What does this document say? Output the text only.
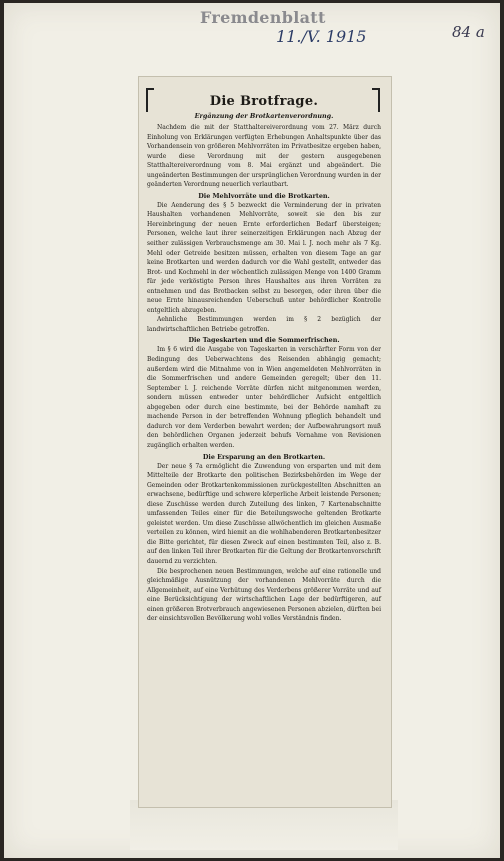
Fremdenblatt
11./V. 1915	84 a
Die Brotfrage.
Ergänzung der Brotkartenverordnung.

Nachdem die mit der Statthaltereiverordnung vom 27. März durch Einholung von Erklärungen verfügten Erhebungen Anhaltspunkte über das Vorhandensein von größeren Mehlvorräten im Privatbesitze ergeben haben, wurde diese Verordnung mit der gestern ausgegebenen Statthaltereiverordnung vom 8. Mai ergänzt und abgeändert. Die ungeänderten Bestimmungen der ursprünglichen Verordnung wurden in der geänderten Verordnung neuerlich verlautbart.

Die Mehlvorräte und die Brotkarten.

Die Aenderung des § 5 bezweckt die Verminderung der in privaten Haushalten vorhandenen Mehlvorräte, soweit sie den bis zur Hereinbringung der neuen Ernte erforderlichen Bedarf übersteigen; Personen, welche laut ihrer seinerzeitigen Erklärungen nach Abzug der seither zulässigen Verbrauchsmenge am 30. Mai l. J. noch mehr als 7 Kg. Mehl oder Getreide besitzen müssen, erhalten von diesem Tage an gar keine Brotkarten und werden dadurch vor die Wahl gestellt, entweder das Brot- und Kochmehl in der wöchentlich zulässigen Menge von 1400 Gramm für jede verköstigte Person ihres Haushaltes aus ihren Vorräten zu entnehmen und das Brotbacken selbst zu besorgen, oder ihren über die neue Ernte hinausreichenden Ueberschuß unter behördlicher Kontrolle entgeltlich abzugeben.

Aehnliche Bestimmungen werden im § 2 bezüglich der landwirtschaftlichen Betriebe getroffen.

Die Tageskarten und die Sommerfrischen.

Im § 6 wird die Ausgabe von Tageskarten in verschärfter Form von der Bedingung des Ueberwachtens des Reisenden abhängig gemacht; außerdem wird die Mitnahme von in Wien angemeldeten Mehlvorräten in die Sommerfrischen und andere Gemeinden geregelt; über den 11. September l. J. reichende Vorräte dürfen nicht mitgenommen werden, sondern müssen entweder unter behördlicher Aufsicht entgeltlich abgegeben oder durch eine bestimmte, bei der Behörde namhaft zu machende Person in der betreffenden Wohnung pfleglich behandelt und dadurch vor dem Verderben bewahrt werden; der Aufbewahrungsort muß den behördlichen Organen jederzeit behufs Vornahme von Revisionen zugänglich erhalten werden.

Die Ersparung an den Brotkarten.

Der neue § 7a ermöglicht die Zuwendung von ersparten und mit dem Mittelteile der Brotkarte den politischen Bezirksbehörden im Wege der Gemeinden oder Brotkartenkommissionen zurückgestellten Abschnitten an erwachsene, bedürftige und schwere körperliche Arbeit leistende Personen; diese Zuschüsse werden durch Zuteilung des linken, 7 Kartenabschnitte umfassenden Teiles einer für die Beteilungswoche geltenden Brotkarte geleistet werden. Um diese Zuschüsse allwöchentlich im gleichen Ausmaße verteilen zu können, wird hiemit an die wohlhabenderen Brotkartenbesitzer die Bitte gerichtet, für diesen Zweck auf einen bestimmten Teil, also z. B. auf den linken Teil ihrer Brotkarten für die Geltung der Brotkartenvorschrift dauernd zu verzichten.

Die besprochenen neuen Bestimmungen, welche auf eine rationelle und gleichmäßige Ausnützung der vorhandenen Mehlvorräte durch die Allgemeinheit, auf eine Verhütung des Verderbens größerer Vorräte und auf eine Berücksichtigung der wirtschaftlichen Lage der bedürftigeren, auf einen größeren Brotverbrauch angewiesenen Personen abzielen, dürften bei der einsichtsvollen Bevölkerung wohl volles Verständnis finden.
